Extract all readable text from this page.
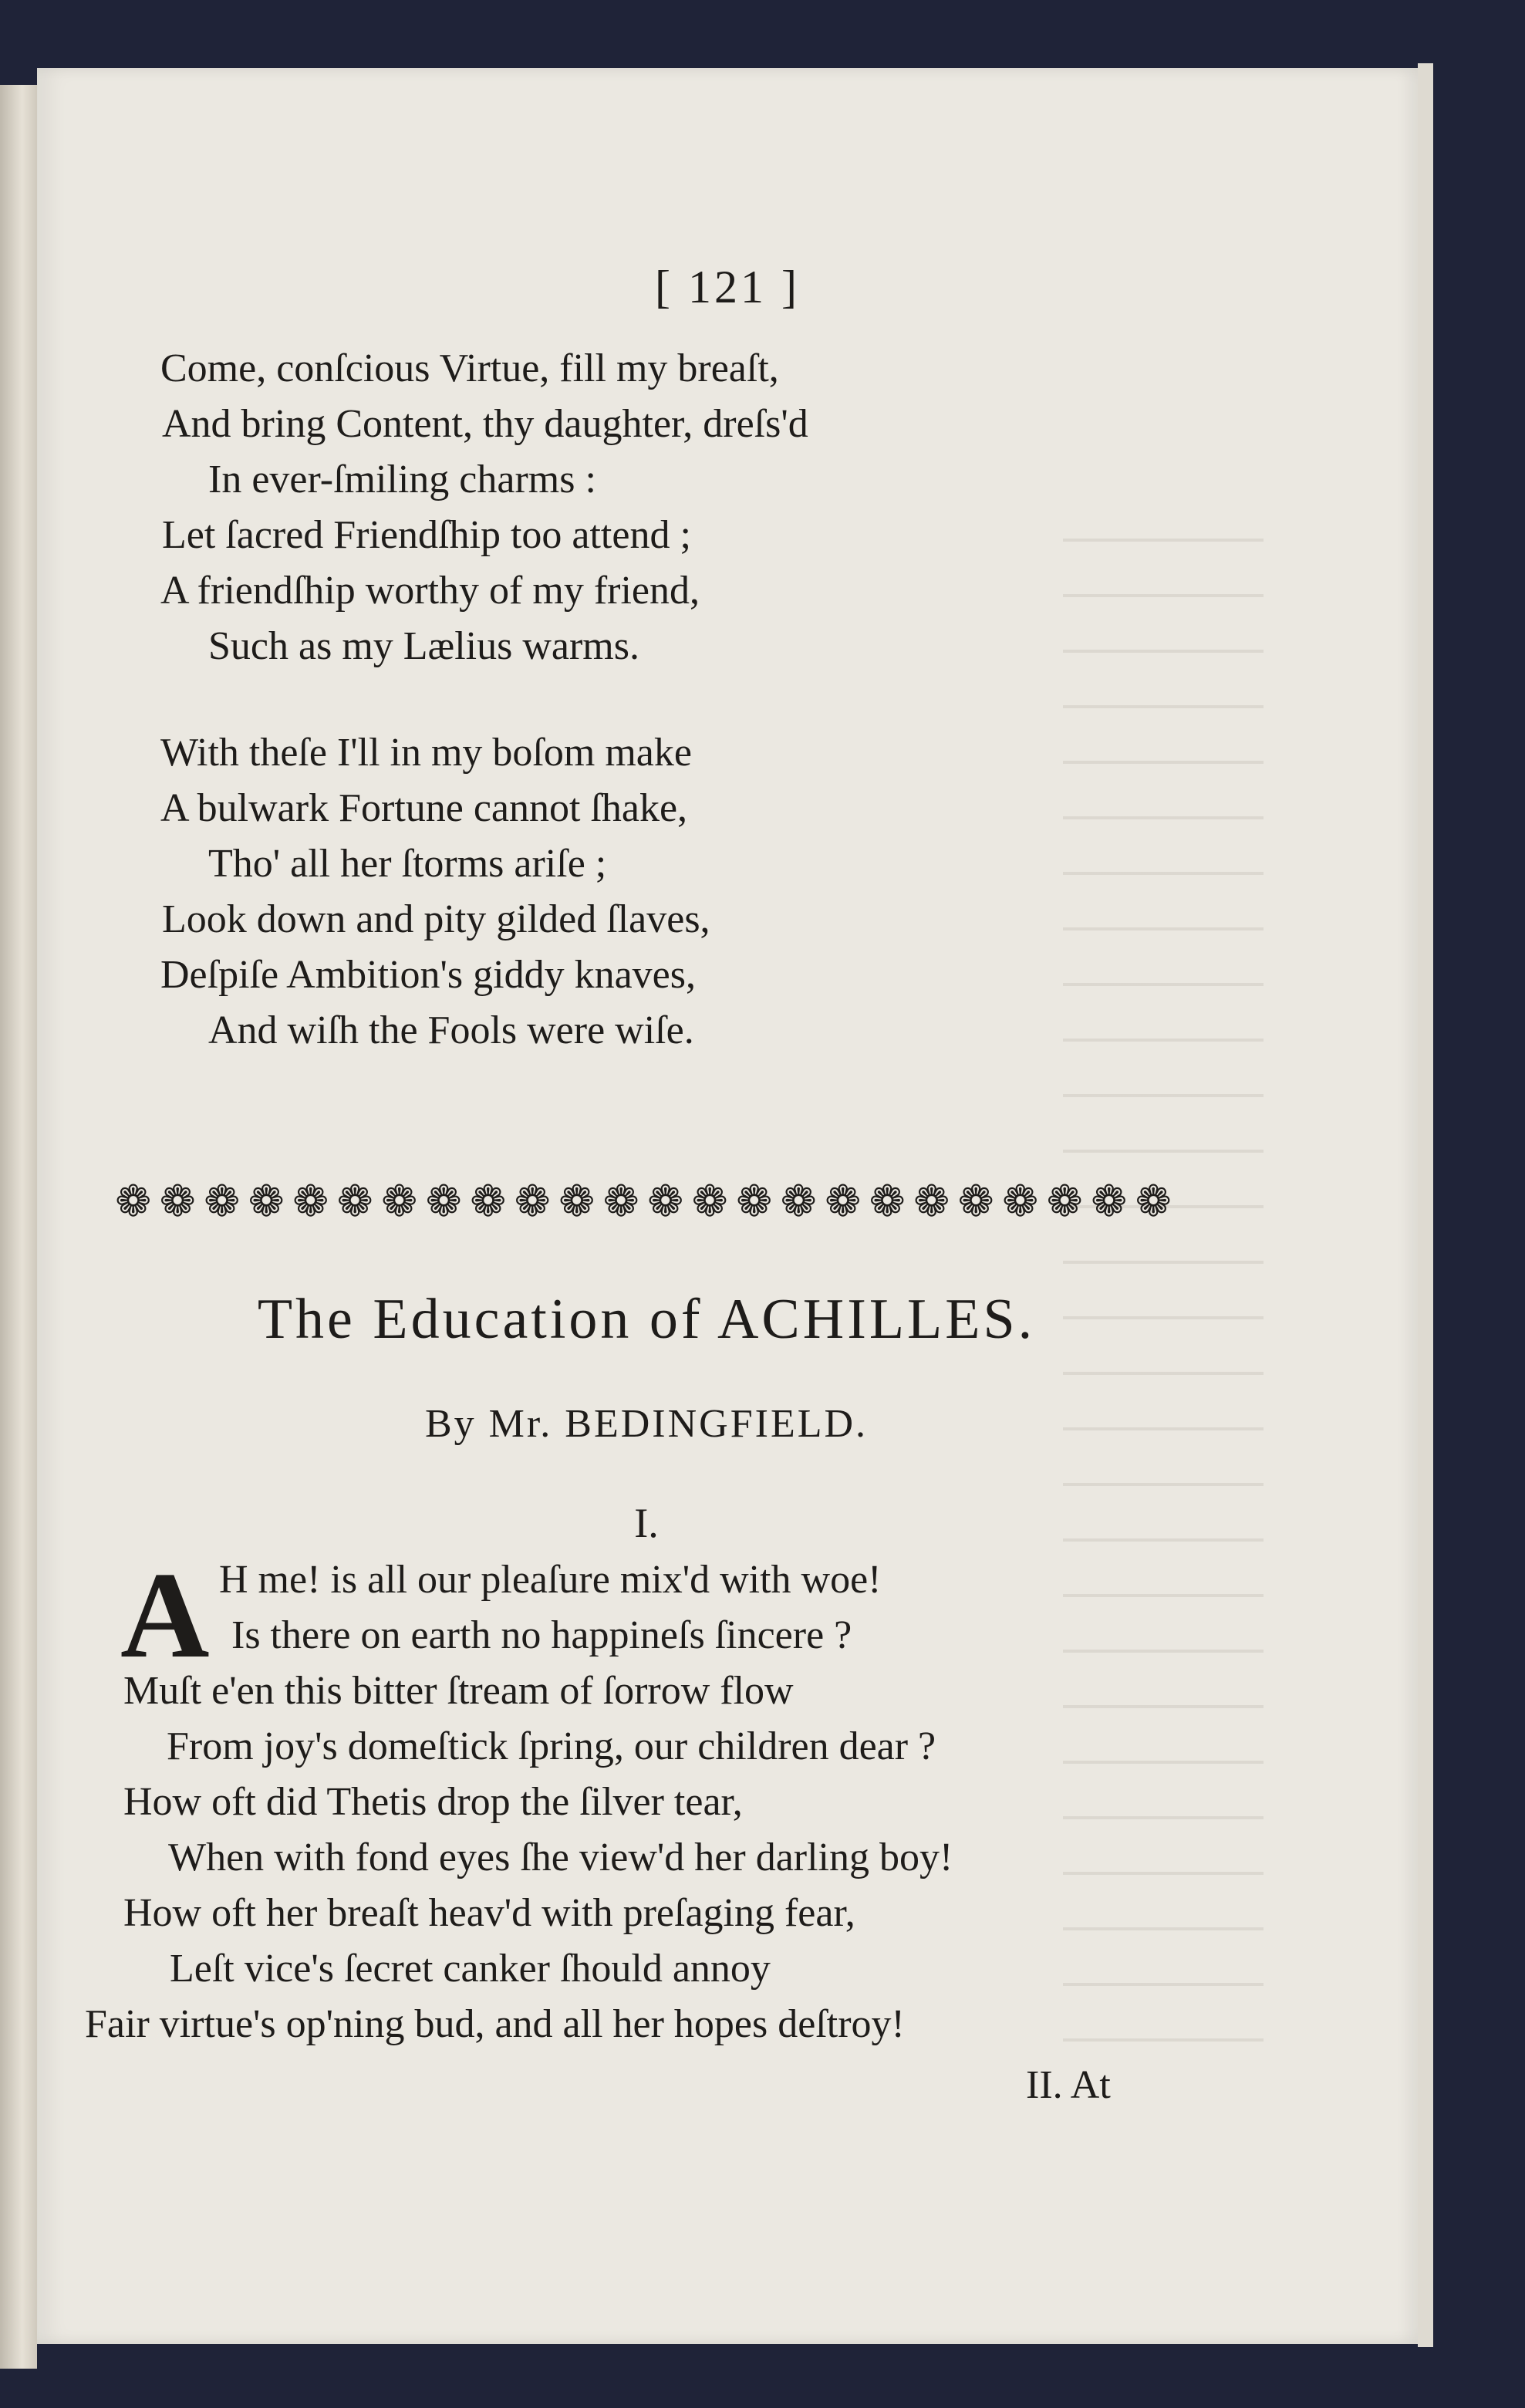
[ 121 ]
Come, conſcious Virtue, fill my breaſt,
And bring Content, thy daughter, dreſs'd
In ever-ſmiling charms :
Let ſacred Friendſhip too attend ;
A friendſhip worthy of my friend,
Such as my Lælius warms.
With theſe I'll in my boſom make
A bulwark Fortune cannot ſhake,
Tho' all her ſtorms ariſe ;
Look down and pity gilded ſlaves,
Deſpiſe Ambition's giddy knaves,
And wiſh the Fools were wiſe.
❁ ❁ ❁ ❁ ❁ ❁ ❁ ❁ ❁ ❁ ❁ ❁ ❁ ❁ ❁ ❁ ❁ ❁ ❁ ❁ ❁ ❁ ❁ ❁
The Education of ACHILLES.
By Mr. BEDINGFIELD.
I.
A H me! is all our pleaſure mix'd with woe!
Is there on earth no happineſs ſincere ?
Muſt e'en this bitter ſtream of ſorrow flow
From joy's domeſtick ſpring, our children dear ?
How oft did Thetis drop the ſilver tear,
When with fond eyes ſhe view'd her darling boy!
How oft her breaſt heav'd with preſaging fear,
Leſt vice's ſecret canker ſhould annoy
Fair virtue's op'ning bud, and all her hopes deſtroy!
II. At
